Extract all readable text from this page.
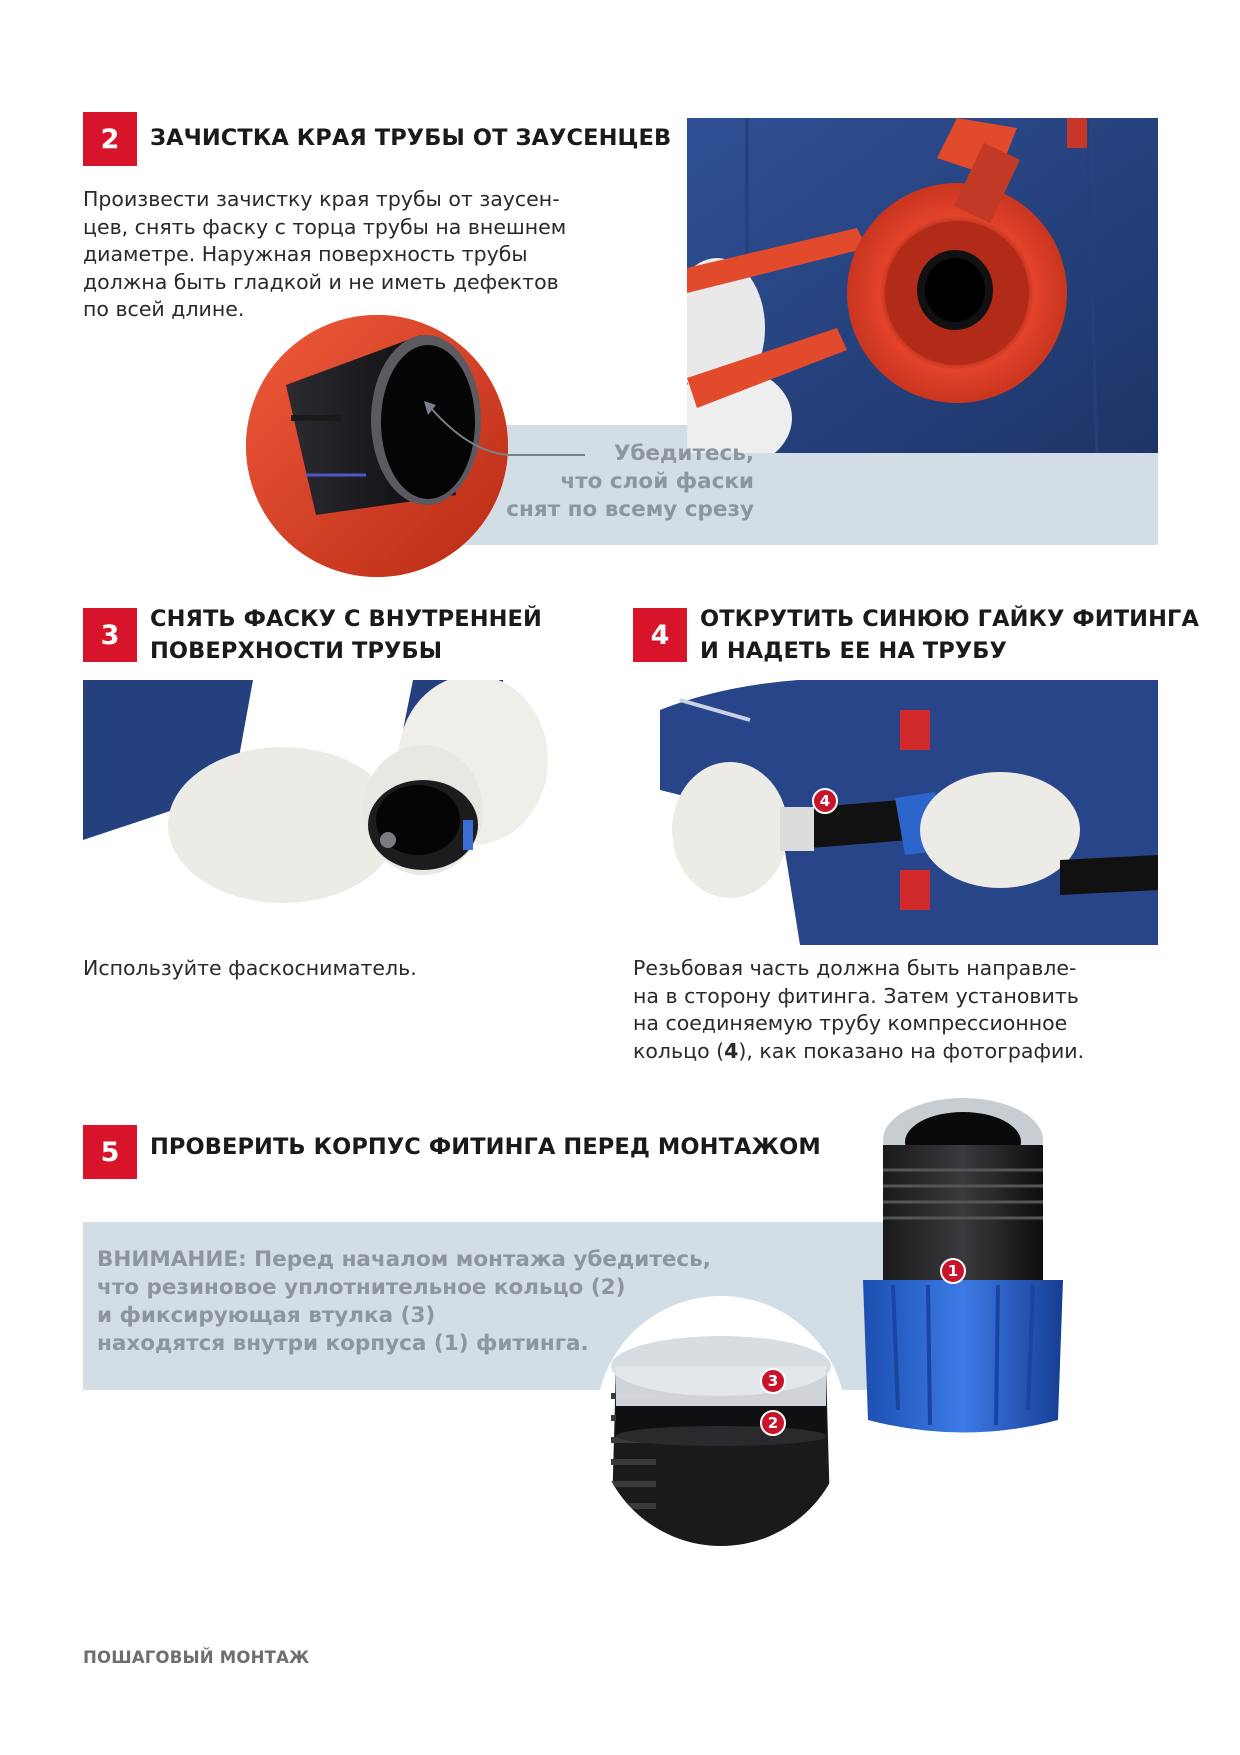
2	ЗАЧИСТКА КРАЯ ТРУБЫ ОТ ЗАУСЕНЦЕВ
Произвести зачистку края трубы от заусен-
цев, снять фаску с торца трубы на внешнем
диаметре. Наружная поверхность трубы
должна быть гладкой и не иметь дефектов
по всей длине.
Убедитесь,
что слой фаски
снят по всему срезу
3
СНЯТЬ ФАСКУ С ВНУТРЕННЕЙ
ПОВЕРХНОСТИ ТРУБЫ
Используйте фаскосниматель.
4
ОТКРУТИТЬ СИНЮЮ ГАЙКУ ФИТИНГА
И НАДЕТЬ ЕЕ НА ТРУБУ
4
Резьбовая часть должна быть направле-
на в сторону фитинга. Затем установить
на соединяемую трубу компрессионное
кольцо (4), как показано на фотографии.
5	ПРОВЕРИТЬ КОРПУС ФИТИНГА ПЕРЕД МОНТАЖОМ
ВНИМАНИЕ: Перед началом монтажа убедитесь,
что резиновое уплотнительное кольцо (2)
и фиксирующая втулка (3)
находятся внутри корпуса (1) фитинга.
1
3
2
ПОШАГОВЫЙ МОНТАЖ
